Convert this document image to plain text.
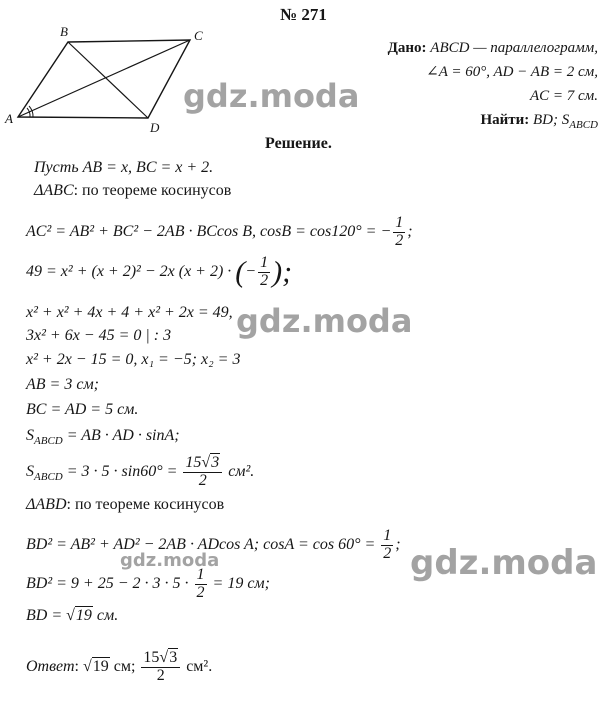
№ 271
A
B	C
D
Дано: ABCD — параллелограмм,
∠A = 60°, AD − AB = 2 см,
AC = 7 см.
Найти: BD; $S_{ABCD}$
Решение.
Пусть AB = x, BC = x + 2.
ΔABC: по теореме косинусов
AC² = AB² + BC² − 2AB · BCcos B, cosB = cos120° = − $\frac{1}{2}$ ;
49 = x² + (x + 2)² − 2x (x + 2) · (− $\frac{1}{2}$ );
x² + x² + 4x + 4 + x² + 2x = 49,
3x² + 6x − 45 = 0 | : 3
x² + 2x − 15 = 0, x₁ = −5; x₂ = 3
AB = 3 см;
BC = AD = 5 см.
$S_{ABCD}$ = AB · AD · sinA;
$S_{ABCD} = 3 \cdot 5 \cdot \sin 60^\circ = \frac{15√3}{2} см^2$.
ΔABD: по теореме косинусов
BD² = AB² + AD² − 2AB · ADcos A; $\cos A = \cos 60^\circ = \frac{1}{2}$ ;
$BD^2 = 9 + 25 - 2 \cdot 3 \cdot 5 \cdot \frac{1}{2} = 19$ см;
BD = √19 см.
Ответ: √19 см; $\frac{15√3}{2} см^2$.
gdz.moda
gdz.moda
gdz.moda
gdz.moda
